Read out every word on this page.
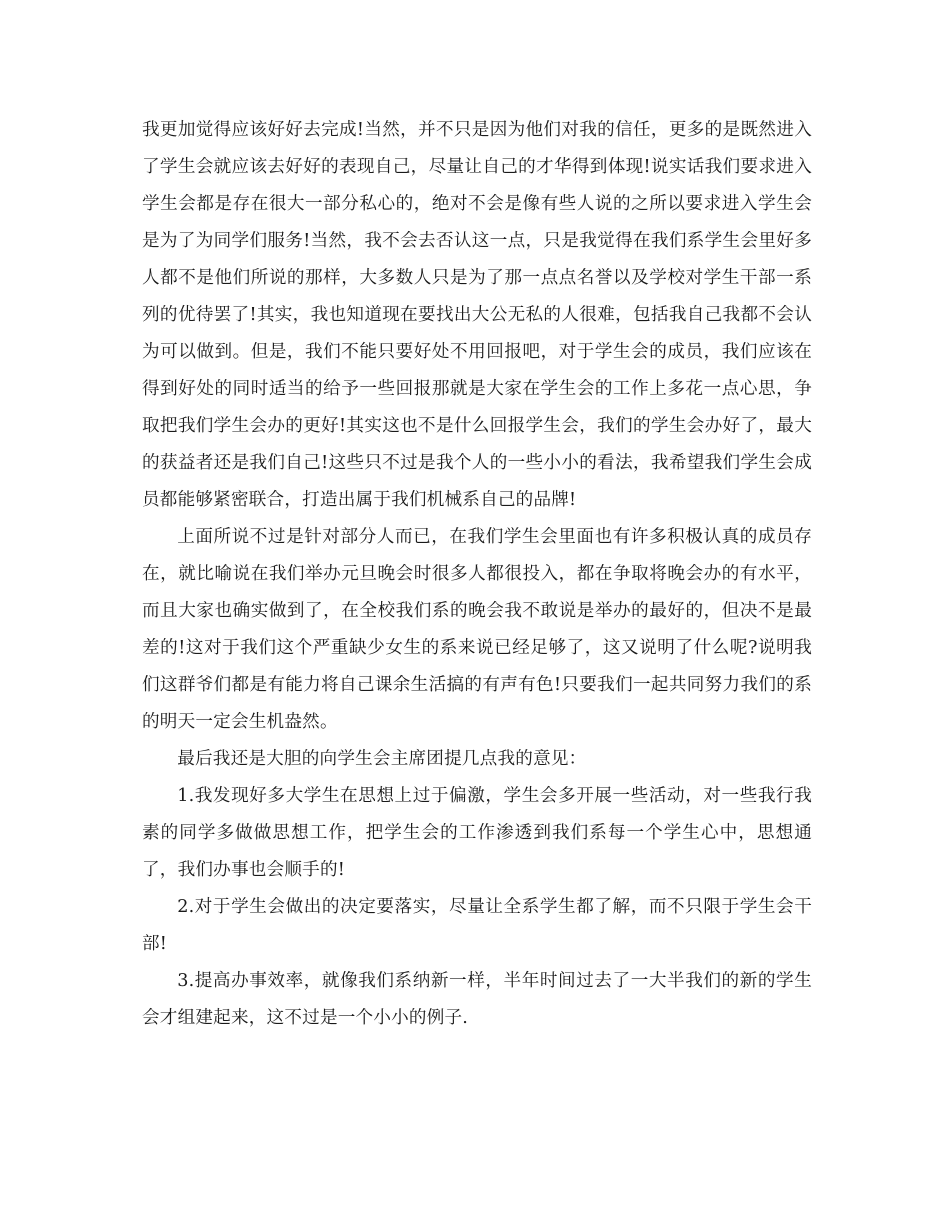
我更加觉得应该好好去完成!当然，并不只是因为他们对我的信任，更多的是既然进入了学生会就应该去好好的表现自己，尽量让自己的才华得到体现!说实话我们要求进入学生会都是存在很大一部分私心的，绝对不会是像有些人说的之所以要求进入学生会是为了为同学们服务!当然，我不会去否认这一点，只是我觉得在我们系学生会里好多人都不是他们所说的那样，大多数人只是为了那一点点名誉以及学校对学生干部一系列的优待罢了!其实，我也知道现在要找出大公无私的人很难，包括我自己我都不会认为可以做到。但是，我们不能只要好处不用回报吧，对于学生会的成员，我们应该在得到好处的同时适当的给予一些回报那就是大家在学生会的工作上多花一点心思，争取把我们学生会办的更好!其实这也不是什么回报学生会，我们的学生会办好了，最大的获益者还是我们自己!这些只不过是我个人的一些小小的看法，我希望我们学生会成员都能够紧密联合，打造出属于我们机械系自己的品牌!

上面所说不过是针对部分人而已，在我们学生会里面也有许多积极认真的成员存在，就比喻说在我们举办元旦晚会时很多人都很投入，都在争取将晚会办的有水平，而且大家也确实做到了，在全校我们系的晚会我不敢说是举办的最好的，但决不是最差的!这对于我们这个严重缺少女生的系来说已经足够了，这又说明了什么呢?说明我们这群爷们都是有能力将自己课余生活搞的有声有色!只要我们一起共同努力我们的系的明天一定会生机盎然。

最后我还是大胆的向学生会主席团提几点我的意见：

1.我发现好多大学生在思想上过于偏激，学生会多开展一些活动，对一些我行我素的同学多做做思想工作，把学生会的工作渗透到我们系每一个学生心中，思想通了，我们办事也会顺手的!

2.对于学生会做出的决定要落实，尽量让全系学生都了解，而不只限于学生会干部!

3.提高办事效率，就像我们系纳新一样，半年时间过去了一大半我们的新的学生会才组建起来，这不过是一个小小的例子.
